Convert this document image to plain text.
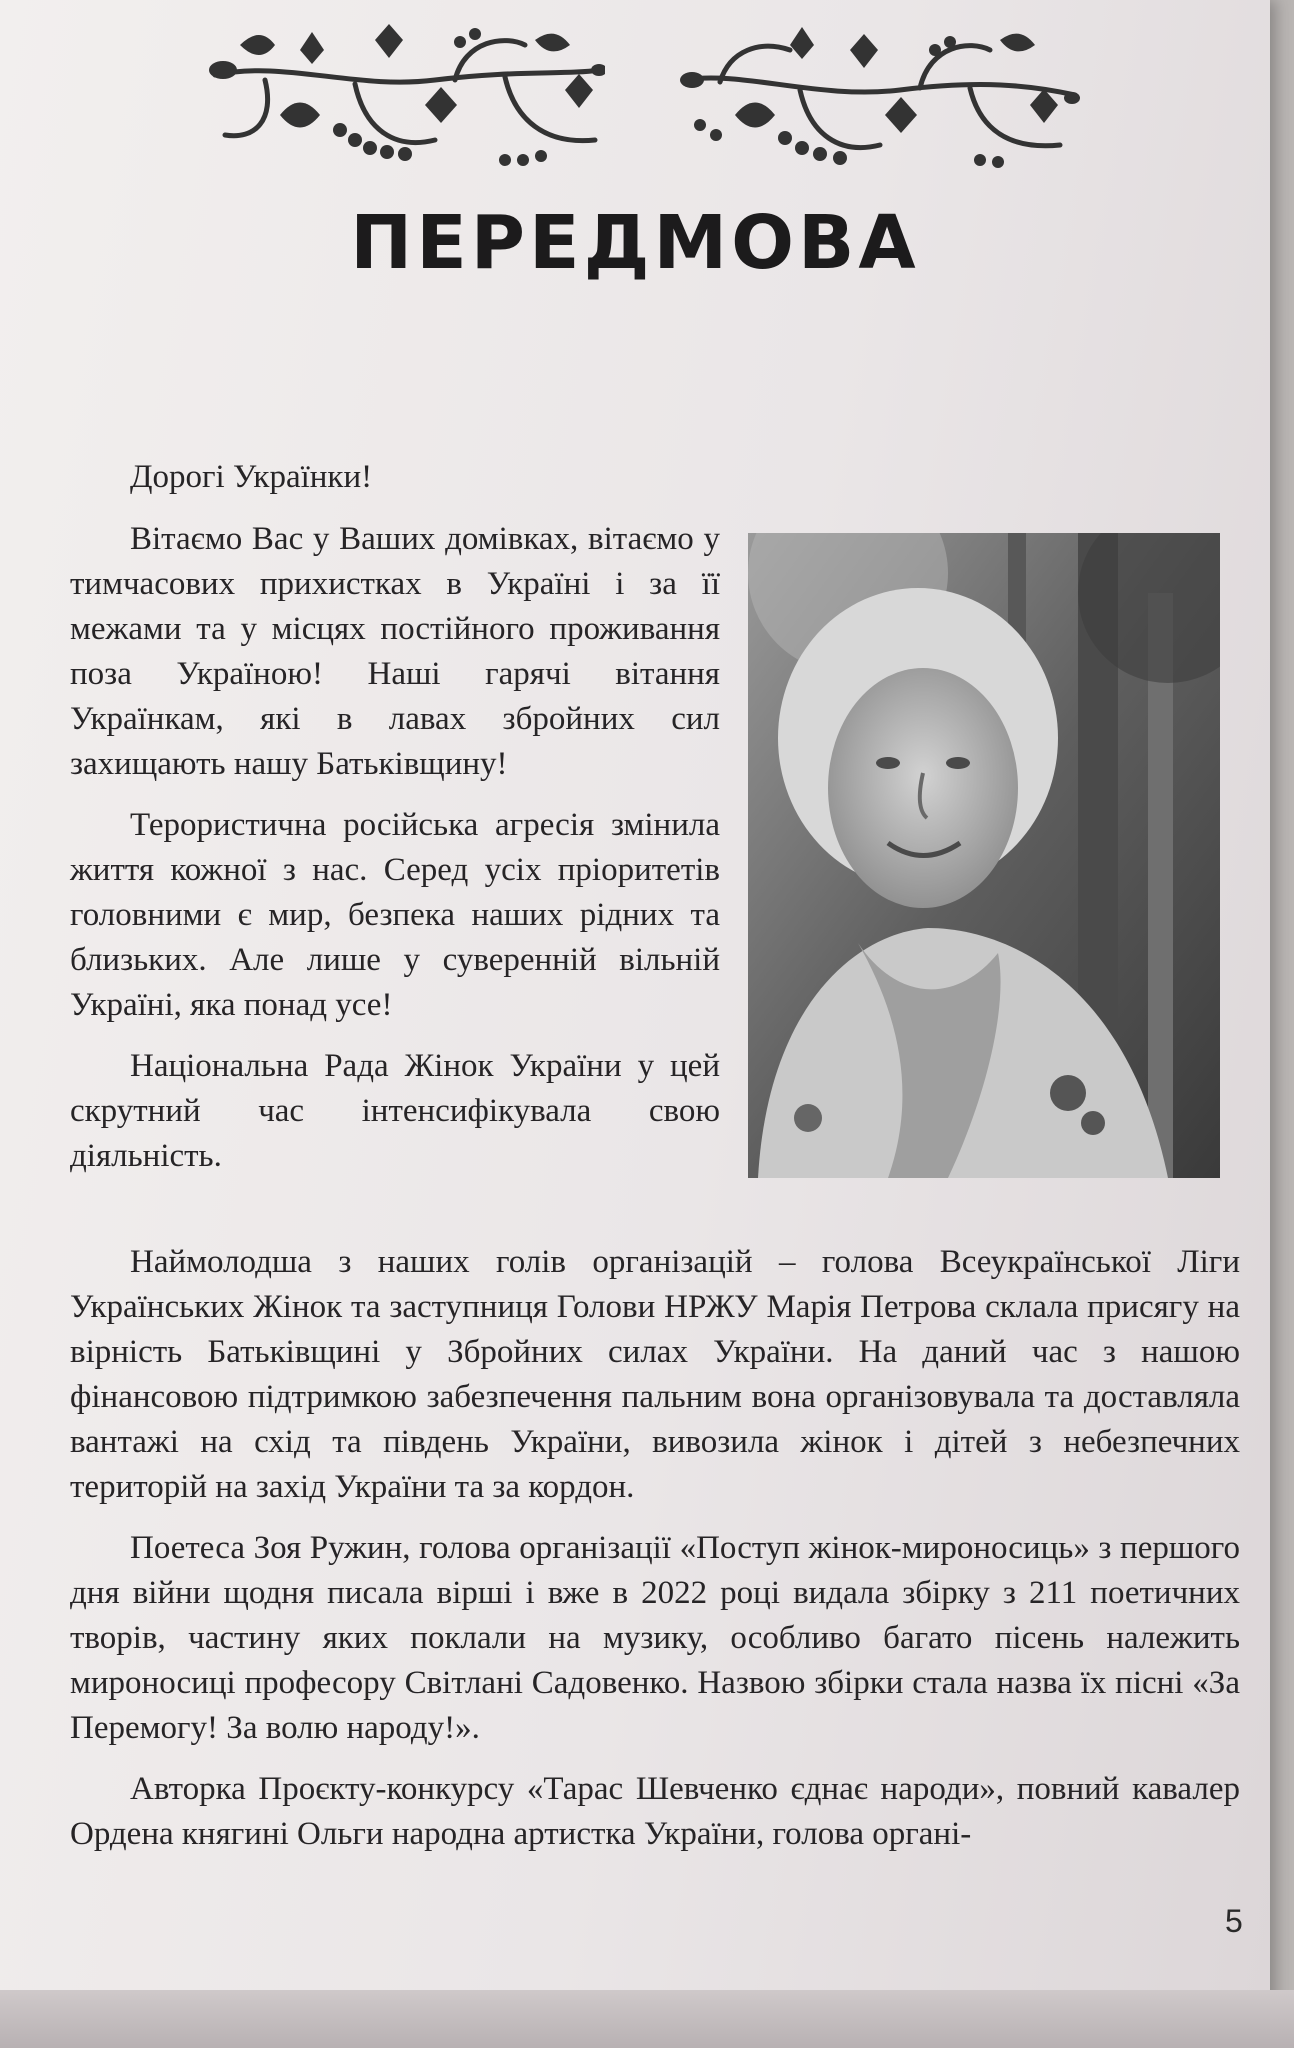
ПЕРЕДМОВА
Дорогі Українки!

Вітаємо Вас у Ваших домівках, вітаємо у тимчасових прихистках в Україні і за її межами та у місцях постійного проживання поза Україною! Наші гарячі вітання Українкам, які в лавах збройних сил захищають нашу Батьківщину!

Терористична російська агресія змінила життя кожної з нас. Серед усіх пріоритетів головними є мир, безпека наших рідних та близьких. Але лише у суверенній вільній Україні, яка понад усе!

Національна Рада Жінок України у цей скрутний час інтенсифікувала свою діяльність.

Наймолодша з наших голів організацій – голова Всеукраїнської Ліги Українських Жінок та заступниця Голови НРЖУ Марія Петрова склала присягу на вірність Батьківщині у Збройних силах України. На даний час з нашою фінансовою підтримкою забезпечення пальним вона організовувала та доставляла вантажі на схід та південь України, вивозила жінок і дітей з небезпечних територій на захід України та за кордон.

Поетеса Зоя Ружин, голова організації «Поступ жінок-мироносиць» з першого дня війни щодня писала вірші і вже в 2022 році видала збірку з 211 поетичних творів, частину яких поклали на музику, особливо багато пісень належить мироносиці професору Світлані Садовенко. Назвою збірки стала назва їх пісні «За Перемогу! За волю народу!».

Авторка Проєкту-конкурсу «Тарас Шевченко єднає народи», повний кавалер Ордена княгині Ольги народна артистка України, голова органі-

5
